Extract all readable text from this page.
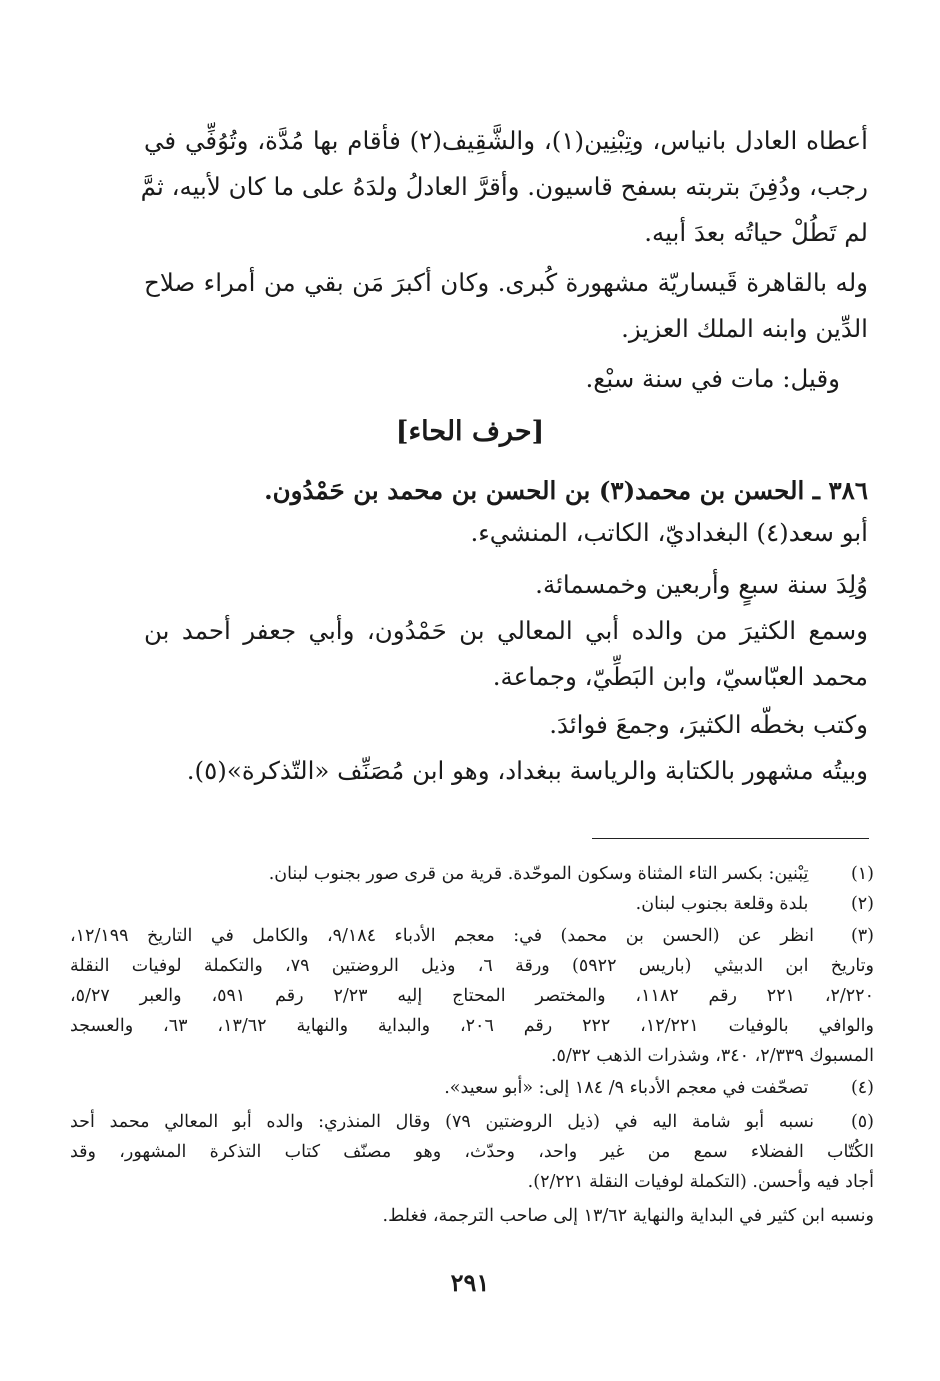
أعطاه العادل بانياس، وتِبْنِين(١)، والشَّقِيف(٢) فأقام بها مُدَّة، وتُوُفِّي في
رجب، ودُفِنَ بتربته بسفح قاسيون. وأقرَّ العادلُ ولدَهُ على ما كان لأبيه، ثمَّ
لم تَطُلْ حياتُه بعدَ أبيه.
وله بالقاهرة قَيساريّة مشهورة كُبرى. وكان أكبرَ مَن بقي من أمراء صلاح
الدِّين وابنه الملك العزيز.
وقيل: مات في سنة سبْع.
[حرف الحاء]
٣٨٦ ـ الحسن بن محمد(٣) بن الحسن بن محمد بن حَمْدُون.
أبو سعد(٤) البغداديّ، الكاتب، المنشيء.
وُلِدَ سنة سبعٍ وأربعين وخمسمائة.
وسمع الكثيرَ من والده أبي المعالي بن حَمْدُون، وأبي جعفر أحمد بن
محمد العبّاسيّ، وابن البَطِّيّ، وجماعة.
وكتب بخطّه الكثيرَ، وجمعَ فوائدَ.
وبيتُه مشهور بالكتابة والرياسة ببغداد، وهو ابن مُصَنِّف «التّذكرة»(٥).
(١) تِبْنين: بكسر التاء المثناة وسكون الموحّدة. قرية من قرى صور بجنوب لبنان.
(٢) بلدة وقلعة بجنوب لبنان.
(٣)
انظر عن (الحسن بن محمد) في: معجم الأدباء ٩/١٨٤، والكامل في التاريخ ١٢/١٩٩،
وتاريخ ابن الدبيثي (باريس ٥٩٢٢) ورقة ٦، وذيل الروضتين ٧٩، والتكملة لوفيات النقلة
٢/٢٢٠، ٢٢١ رقم ١١٨٢، والمختصر المحتاج إليه ٢/٢٣ رقم ٥٩١، والعبر ٥/٢٧،
والوافي بالوفيات ١٢/٢٢١، ٢٢٢ رقم ٢٠٦، والبداية والنهاية ١٣/٦٢، ٦٣، والعسجد
المسبوك ٢/٣٣٩، ٣٤٠، وشذرات الذهب ٥/٣٢.
(٤) تصحّفت في معجم الأدباء ٩/ ١٨٤ إلى: «أبو سعيد».
(٥)
نسبه أبو شامة اليه في (ذيل الروضتين ٧٩) وقال المنذري: والده أبو المعالي محمد أحد
الكُتّاب الفضلاء سمع من غير واحد، وحدّث، وهو مصنّف كتاب التذكرة المشهور، وقد
أجاد فيه وأحسن. (التكملة لوفيات النقلة ٢/٢٢١).
ونسبه ابن كثير في البداية والنهاية ١٣/٦٢ إلى صاحب الترجمة، فغلط.
٢٩١
